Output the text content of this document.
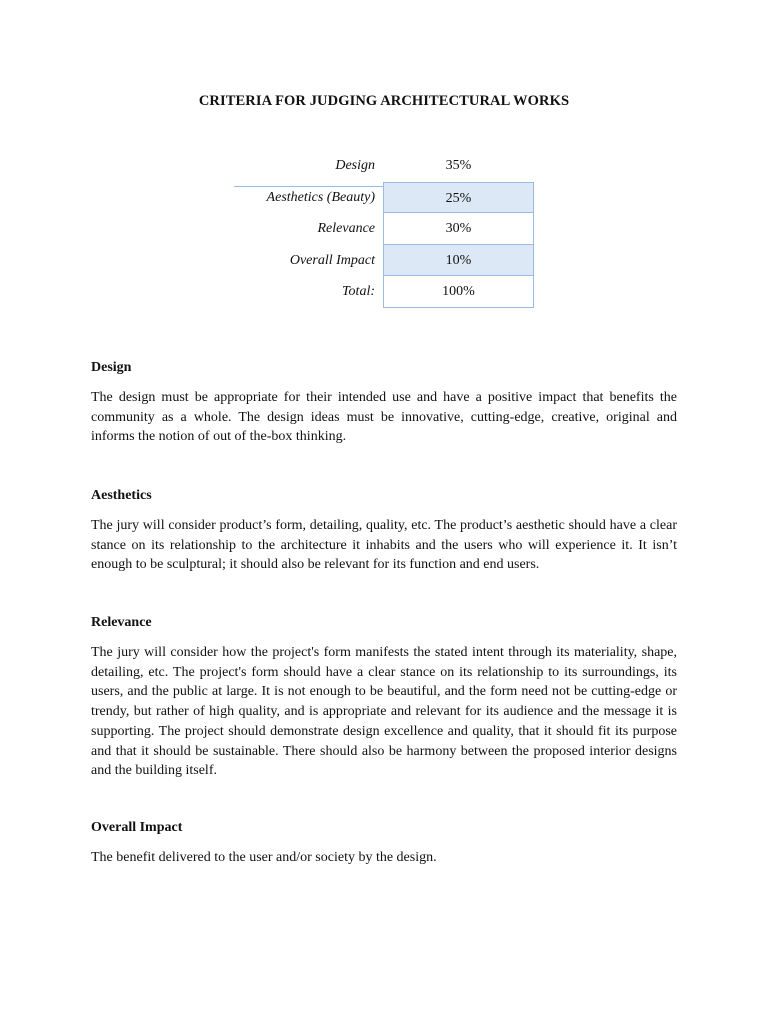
CRITERIA FOR JUDGING ARCHITECTURAL WORKS
Design	35%
Aesthetics (Beauty)	25%
Relevance	30%
Overall Impact	10%
Total:	100%
Design

The design must be appropriate for their intended use and have a positive impact that benefits the community as a whole. The design ideas must be innovative, cutting-edge, creative, original and informs the notion of out of the-box thinking.

Aesthetics

The jury will consider product’s form, detailing, quality, etc. The product’s aesthetic should have a clear stance on its relationship to the architecture it inhabits and the users who will experience it. It isn’t enough to be sculptural; it should also be relevant for its function and end users.

Relevance

The jury will consider how the project's form manifests the stated intent through its materiality, shape, detailing, etc. The project's form should have a clear stance on its relationship to its surroundings, its users, and the public at large. It is not enough to be beautiful, and the form need not be cutting-edge or trendy, but rather of high quality, and is appropriate and relevant for its audience and the message it is supporting. The project should demonstrate design excellence and quality, that it should fit its purpose and that it should be sustainable. There should also be harmony between the proposed interior designs and the building itself.

Overall Impact

The benefit delivered to the user and/or society by the design.
